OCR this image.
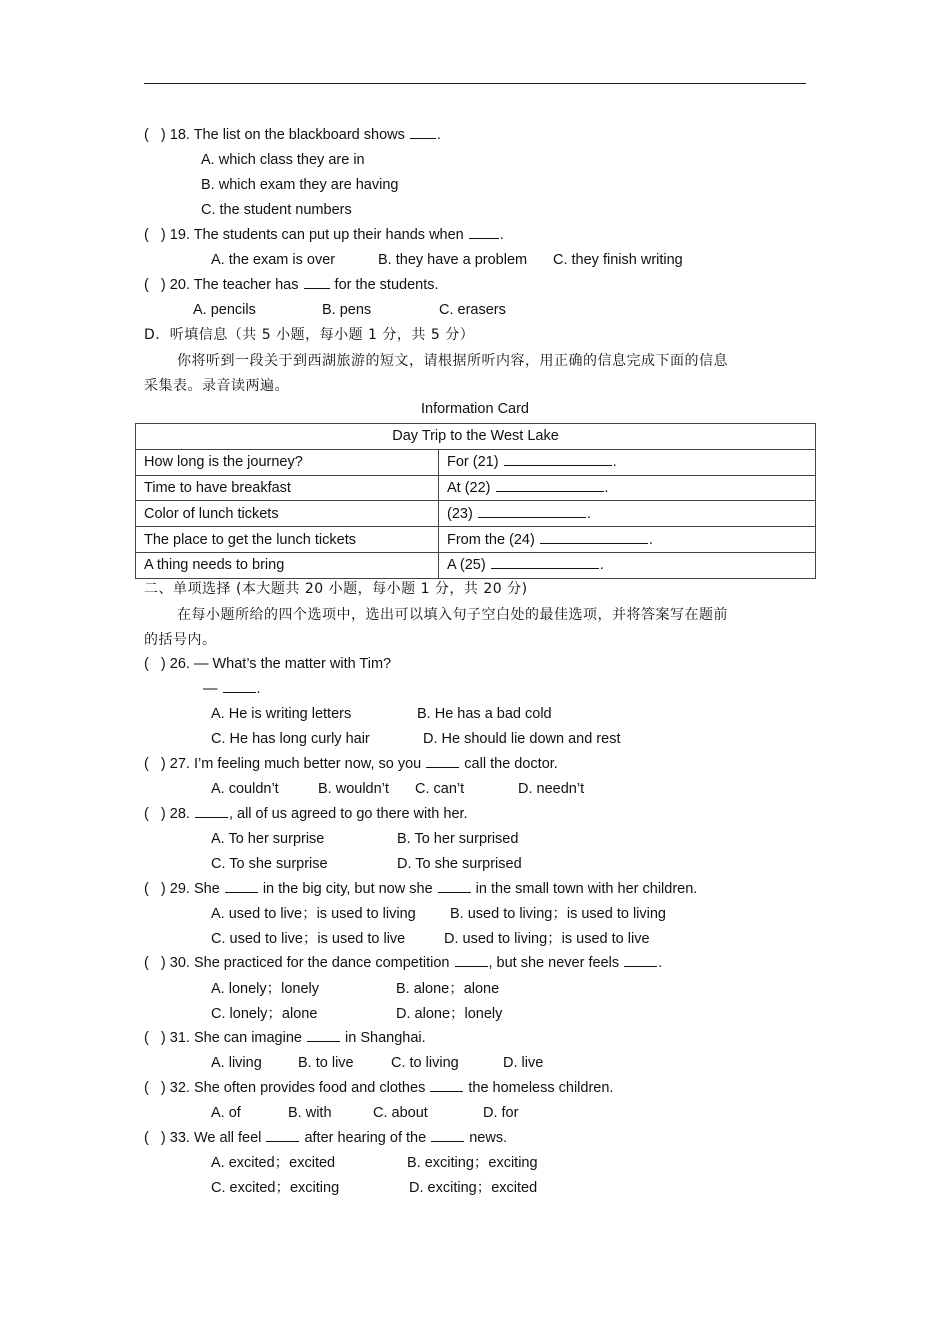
(   ) 18. The list on the blackboard shows .
A. which class they are in
B. which exam they are having
C. the student numbers
(   ) 19. The students can put up their hands when .
A. the exam is over	B. they have a problem C. they finish writing
(   ) 20. The teacher has  for the students.
A. pencils	B. pens	C. erasers
D．听填信息（共 5 小题，每小题 1 分，共 5 分）
你将听到一段关于到西湖旅游的短文，请根据所听内容，用正确的信息完成下面的信息
采集表。录音读两遍。
Information Card
Day Trip to the West Lake	
How long is the journey?	For (21) .
Time to have breakfast	At (22) .
Color of lunch tickets	(23) .
The place to get the lunch tickets	From the (24) .
A thing needs to bring	A (25) .
二、单项选择 (本大题共 20 小题，每小题 1 分，共 20 分)
在每小题所给的四个选项中，选出可以填入句子空白处的最佳选项，并将答案写在题前
的括号内。
(   ) 26. — What’s the matter with Tim?
— .
A. He is writing letters	B. He has a bad cold
C. He has long curly hair	D. He should lie down and rest
(   ) 27. I’m feeling much better now, so you  call the doctor.
A. couldn’t	B. wouldn’t C. can’t	D. needn’t
(   ) 28. , all of us agreed to go there with her.
A. To her surprise	B. To her surprised
C. To she surprise	D. To she surprised
(   ) 29. She  in the big city, but now she  in the small town with her children.
A. used to live；is used to living B. used to living；is used to living
C. used to live；is used to live	D. used to living；is used to live
(   ) 30. She practiced for the dance competition , but she never feels .
A. lonely；lonely	B. alone；alone
C. lonely；alone	D. alone；lonely
(   ) 31. She can imagine  in Shanghai.
A. living B. to live	C. to living	D. live
(   ) 32. She often provides food and clothes  the homeless children.
A. of	B. with	C. about	D. for
(   ) 33. We all feel  after hearing of the  news.
A. excited；excited	B. exciting；exciting
C. excited；exciting	D. exciting；excited
